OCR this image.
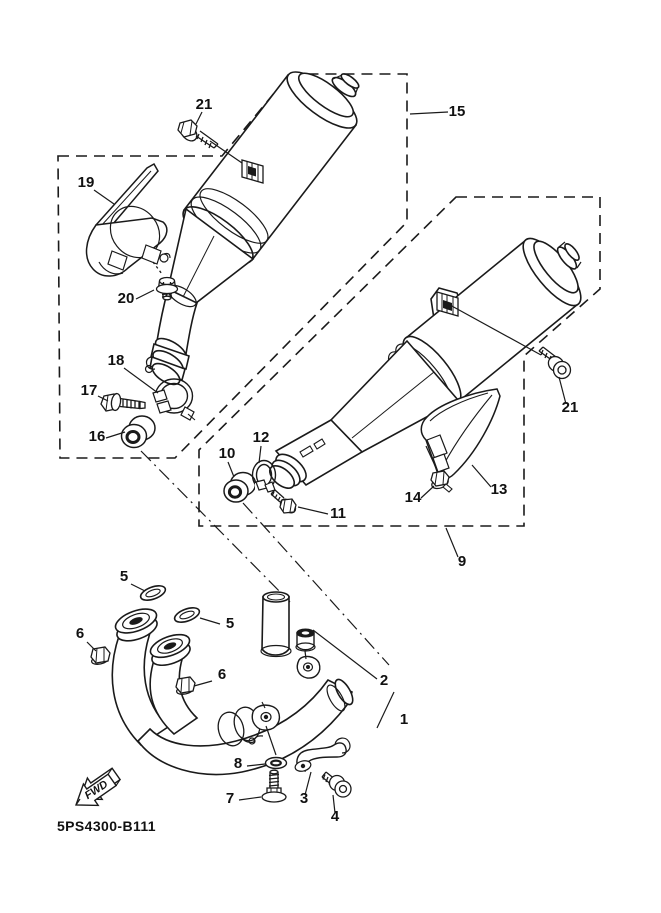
21	15
19
20
18
17
16
10
12
11
13
14
21
9
5
5
6
6	2
1
8
7	3
4
FWD
5PS4300-B111
